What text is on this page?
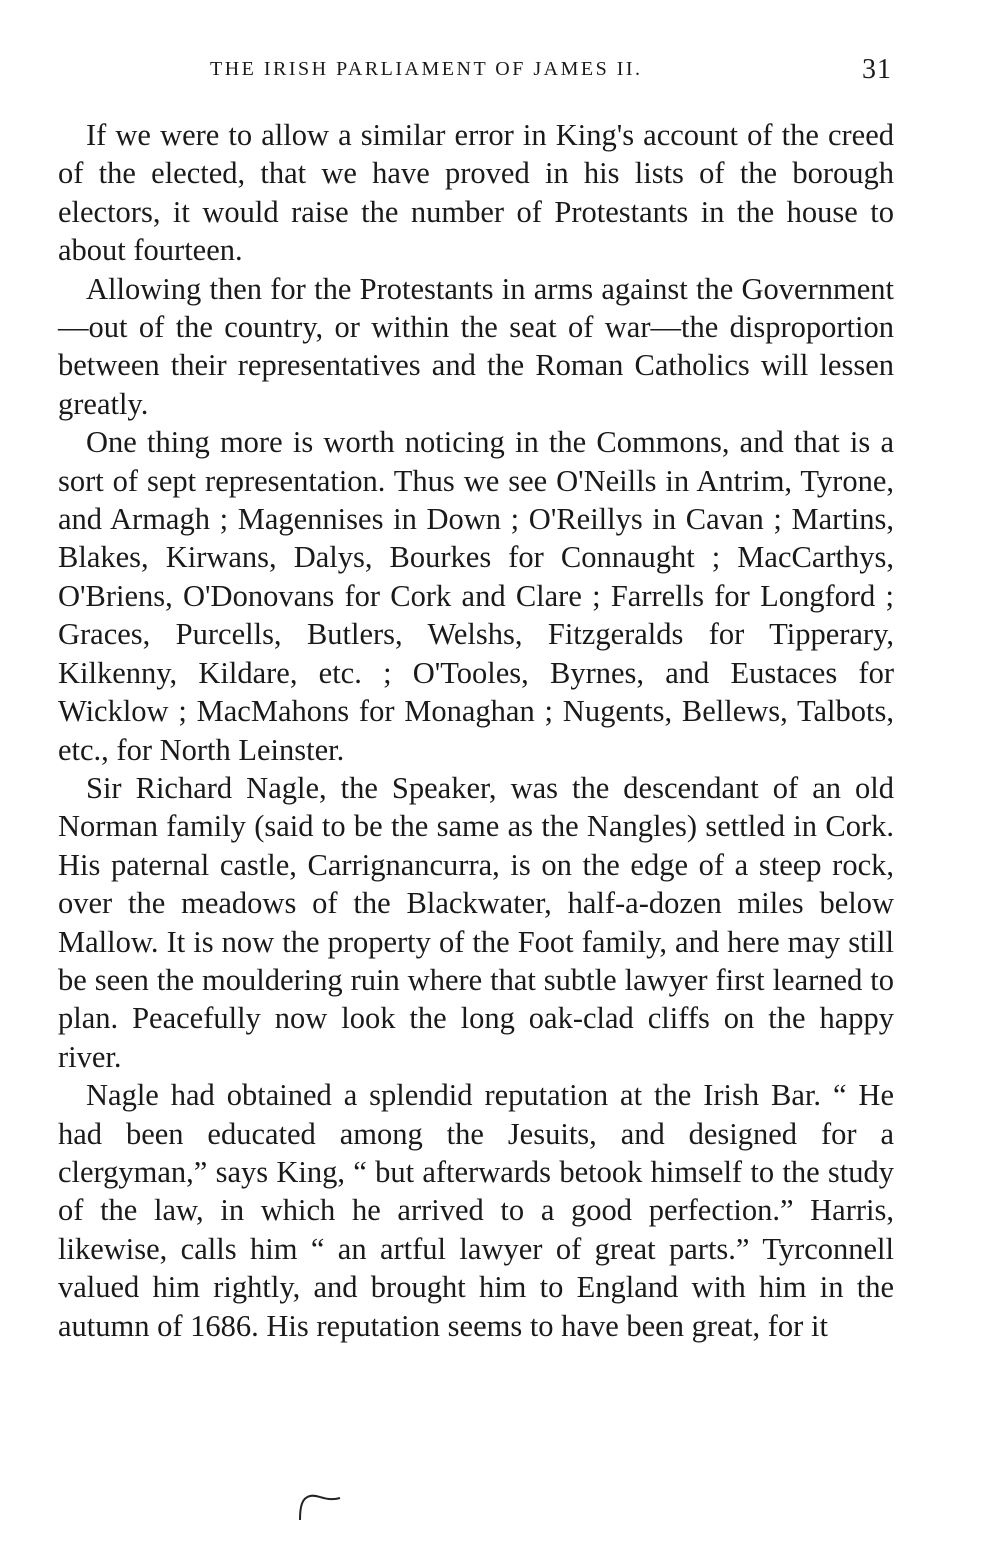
THE IRISH PARLIAMENT OF JAMES II.	31

If we were to allow a similar error in King's account of the creed of the elected, that we have proved in his lists of the borough electors, it would raise the number of Protestants in the house to about fourteen.

Allowing then for the Protestants in arms against the Government—out of the country, or within the seat of war—the disproportion between their representatives and the Roman Catholics will lessen greatly.

One thing more is worth noticing in the Commons, and that is a sort of sept representation. Thus we see O'Neills in Antrim, Tyrone, and Armagh ; Magennises in Down ; O'Reillys in Cavan ; Martins, Blakes, Kirwans, Dalys, Bourkes for Connaught ; MacCarthys, O'Briens, O'Donovans for Cork and Clare ; Farrells for Longford ; Graces, Purcells, Butlers, Welshs, Fitzgeralds for Tipperary, Kilkenny, Kildare, etc. ; O'Tooles, Byrnes, and Eustaces for Wicklow ; MacMahons for Monaghan ; Nugents, Bellews, Talbots, etc., for North Leinster.

Sir Richard Nagle, the Speaker, was the descendant of an old Norman family (said to be the same as the Nangles) settled in Cork. His paternal castle, Carrignancurra, is on the edge of a steep rock, over the meadows of the Blackwater, half-a-dozen miles below Mallow. It is now the property of the Foot family, and here may still be seen the mouldering ruin where that subtle lawyer first learned to plan. Peacefully now look the long oak-clad cliffs on the happy river.

Nagle had obtained a splendid reputation at the Irish Bar. “ He had been educated among the Jesuits, and designed for a clergyman,” says King, “ but afterwards betook himself to the study of the law, in which he arrived to a good perfection.” Harris, likewise, calls him “ an artful lawyer of great parts.” Tyrconnell valued him rightly, and brought him to England with him in the autumn of 1686. His reputation seems to have been great, for it
